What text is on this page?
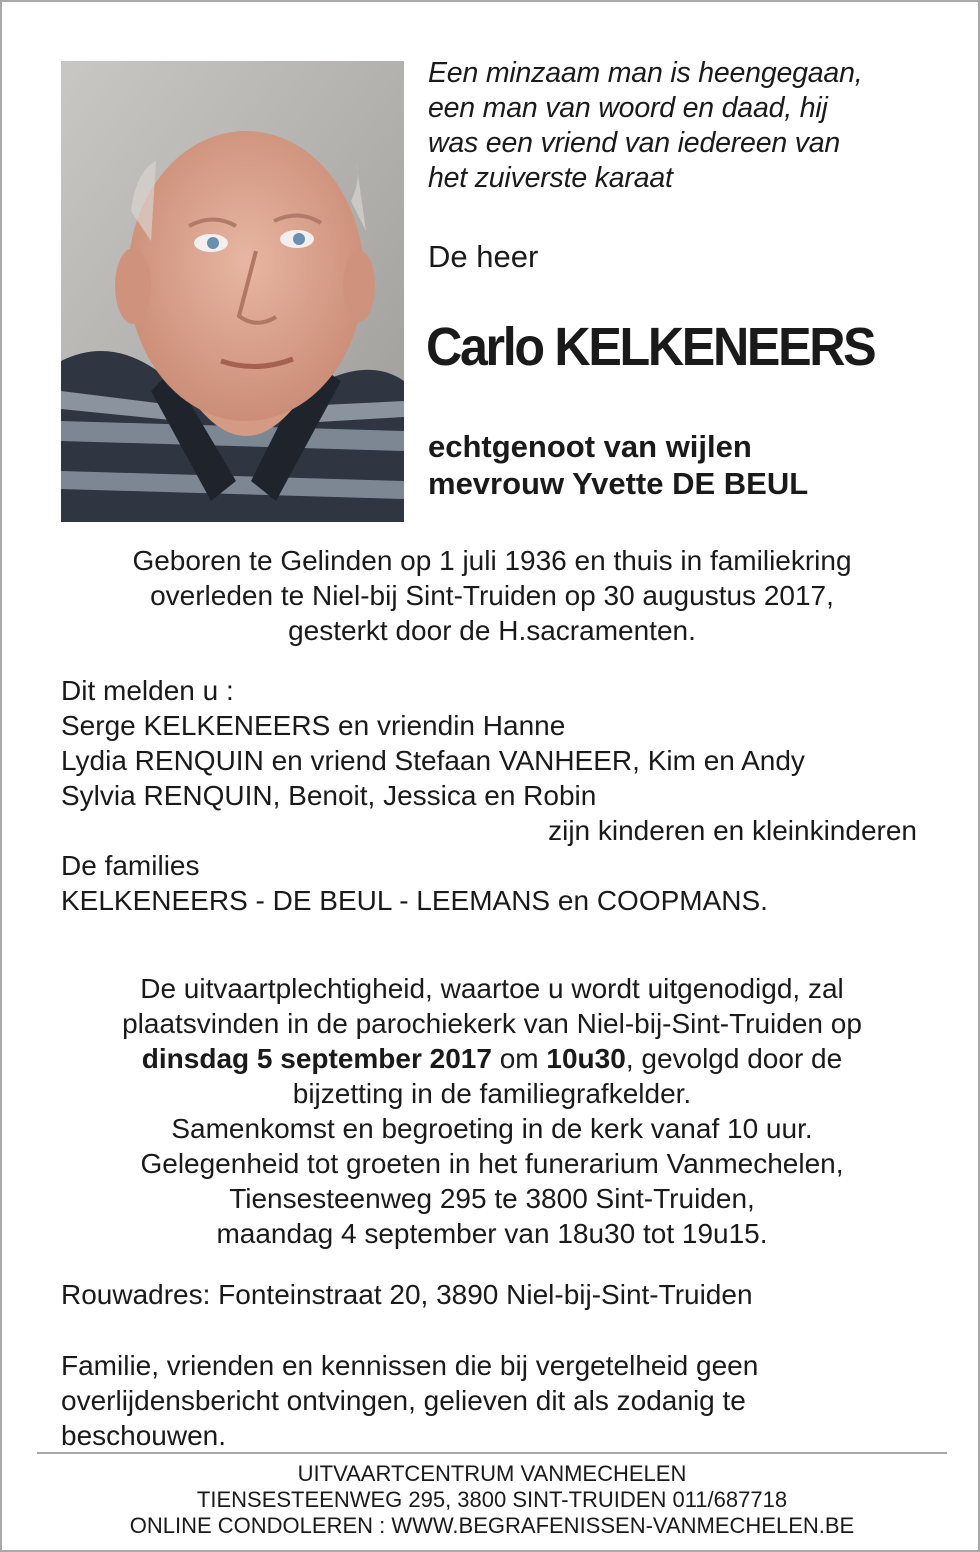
Een minzaam man is heengegaan,
een man van woord en daad, hij
was een vriend van iedereen van
het zuiverste karaat
De heer
Carlo KELKENEERS
echtgenoot van wijlen
mevrouw Yvette DE BEUL
Geboren te Gelinden op 1 juli 1936 en thuis in familiekring
overleden te Niel-bij Sint-Truiden op 30 augustus 2017,
gesterkt door de H.sacramenten.
Dit melden u :
Serge KELKENEERS en vriendin Hanne
Lydia RENQUIN en vriend Stefaan VANHEER, Kim en Andy
Sylvia RENQUIN, Benoit, Jessica en Robin
zijn kinderen en kleinkinderen
De families
KELKENEERS - DE BEUL - LEEMANS en COOPMANS.
De uitvaartplechtigheid, waartoe u wordt uitgenodigd, zal
plaatsvinden in de parochiekerk van Niel-bij-Sint-Truiden op
dinsdag 5 september 2017 om 10u30, gevolgd door de
bijzetting in de familiegrafkelder.
Samenkomst en begroeting in de kerk vanaf 10 uur.
Gelegenheid tot groeten in het funerarium Vanmechelen,
Tiensesteenweg 295 te 3800 Sint-Truiden,
maandag 4 september van 18u30 tot 19u15.
Rouwadres: Fonteinstraat 20, 3890 Niel-bij-Sint-Truiden
Familie, vrienden en kennissen die bij vergetelheid geen
overlijdensbericht ontvingen, gelieven dit als zodanig te
beschouwen.
UITVAARTCENTRUM VANMECHELEN
TIENSESTEENWEG 295, 3800 SINT-TRUIDEN 011/687718
ONLINE CONDOLEREN : WWW.BEGRAFENISSEN-VANMECHELEN.BE
